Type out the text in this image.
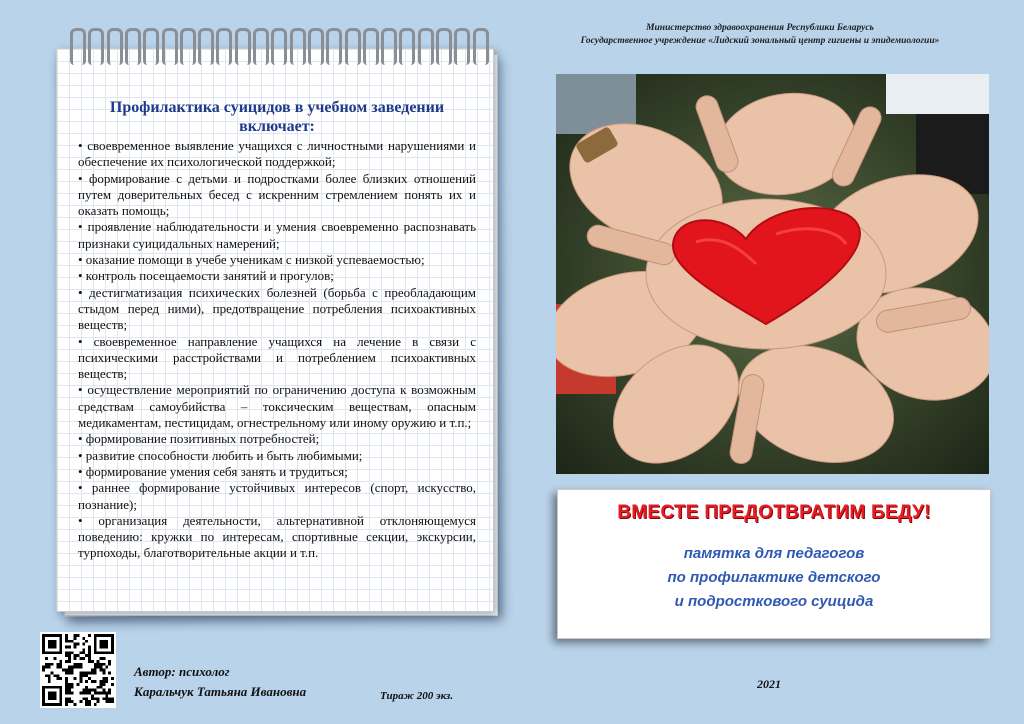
Министерство здравоохранения Республики Беларусь
Государственное учреждение «Лидский зональный центр гигиены и эпидемиологии»
Профилактика суицидов в учебном заведении включает:
• своевременное выявление учащихся с личностными нарушениями и обеспечение их психологической поддержкой;
• формирование с детьми и подростками более близких отношений путем доверительных бесед с искренним стремлением понять их и оказать помощь;
• проявление наблюдательности и умения своевременно распознавать признаки суицидальных намерений;
• оказание помощи в учебе ученикам с низкой успеваемостью;
• контроль посещаемости занятий и прогулов;
• дестигматизация психических болезней (борьба с преобладающим стыдом перед ними), предотвращение потребления психоактивных веществ;
• своевременное направление учащихся на лечение в связи с психическими расстройствами и потреблением психоактивных веществ;
• осуществление мероприятий по ограничению доступа к возможным средствам самоубийства – токсическим веществам, опасным медикаментам, пестицидам, огнестрельному или иному оружию и т.п.;
• формирование позитивных потребностей;
• развитие способности любить и быть любимыми;
• формирование умения себя занять и трудиться;
• раннее формирование устойчивых интересов (спорт, искусство, познание);
• организация деятельности, альтернативной отклоняющемуся поведению: кружки по интересам, спортивные секции, экскурсии, турпоходы, благотворительные акции и т.п.
ВМЕСТЕ ПРЕДОТВРАТИМ БЕДУ!
памятка для педагогов
по профилактике детского
и подросткового суицида
Автор: психолог
Каральчук Татьяна Ивановна	Тираж 200 экз.
2021
